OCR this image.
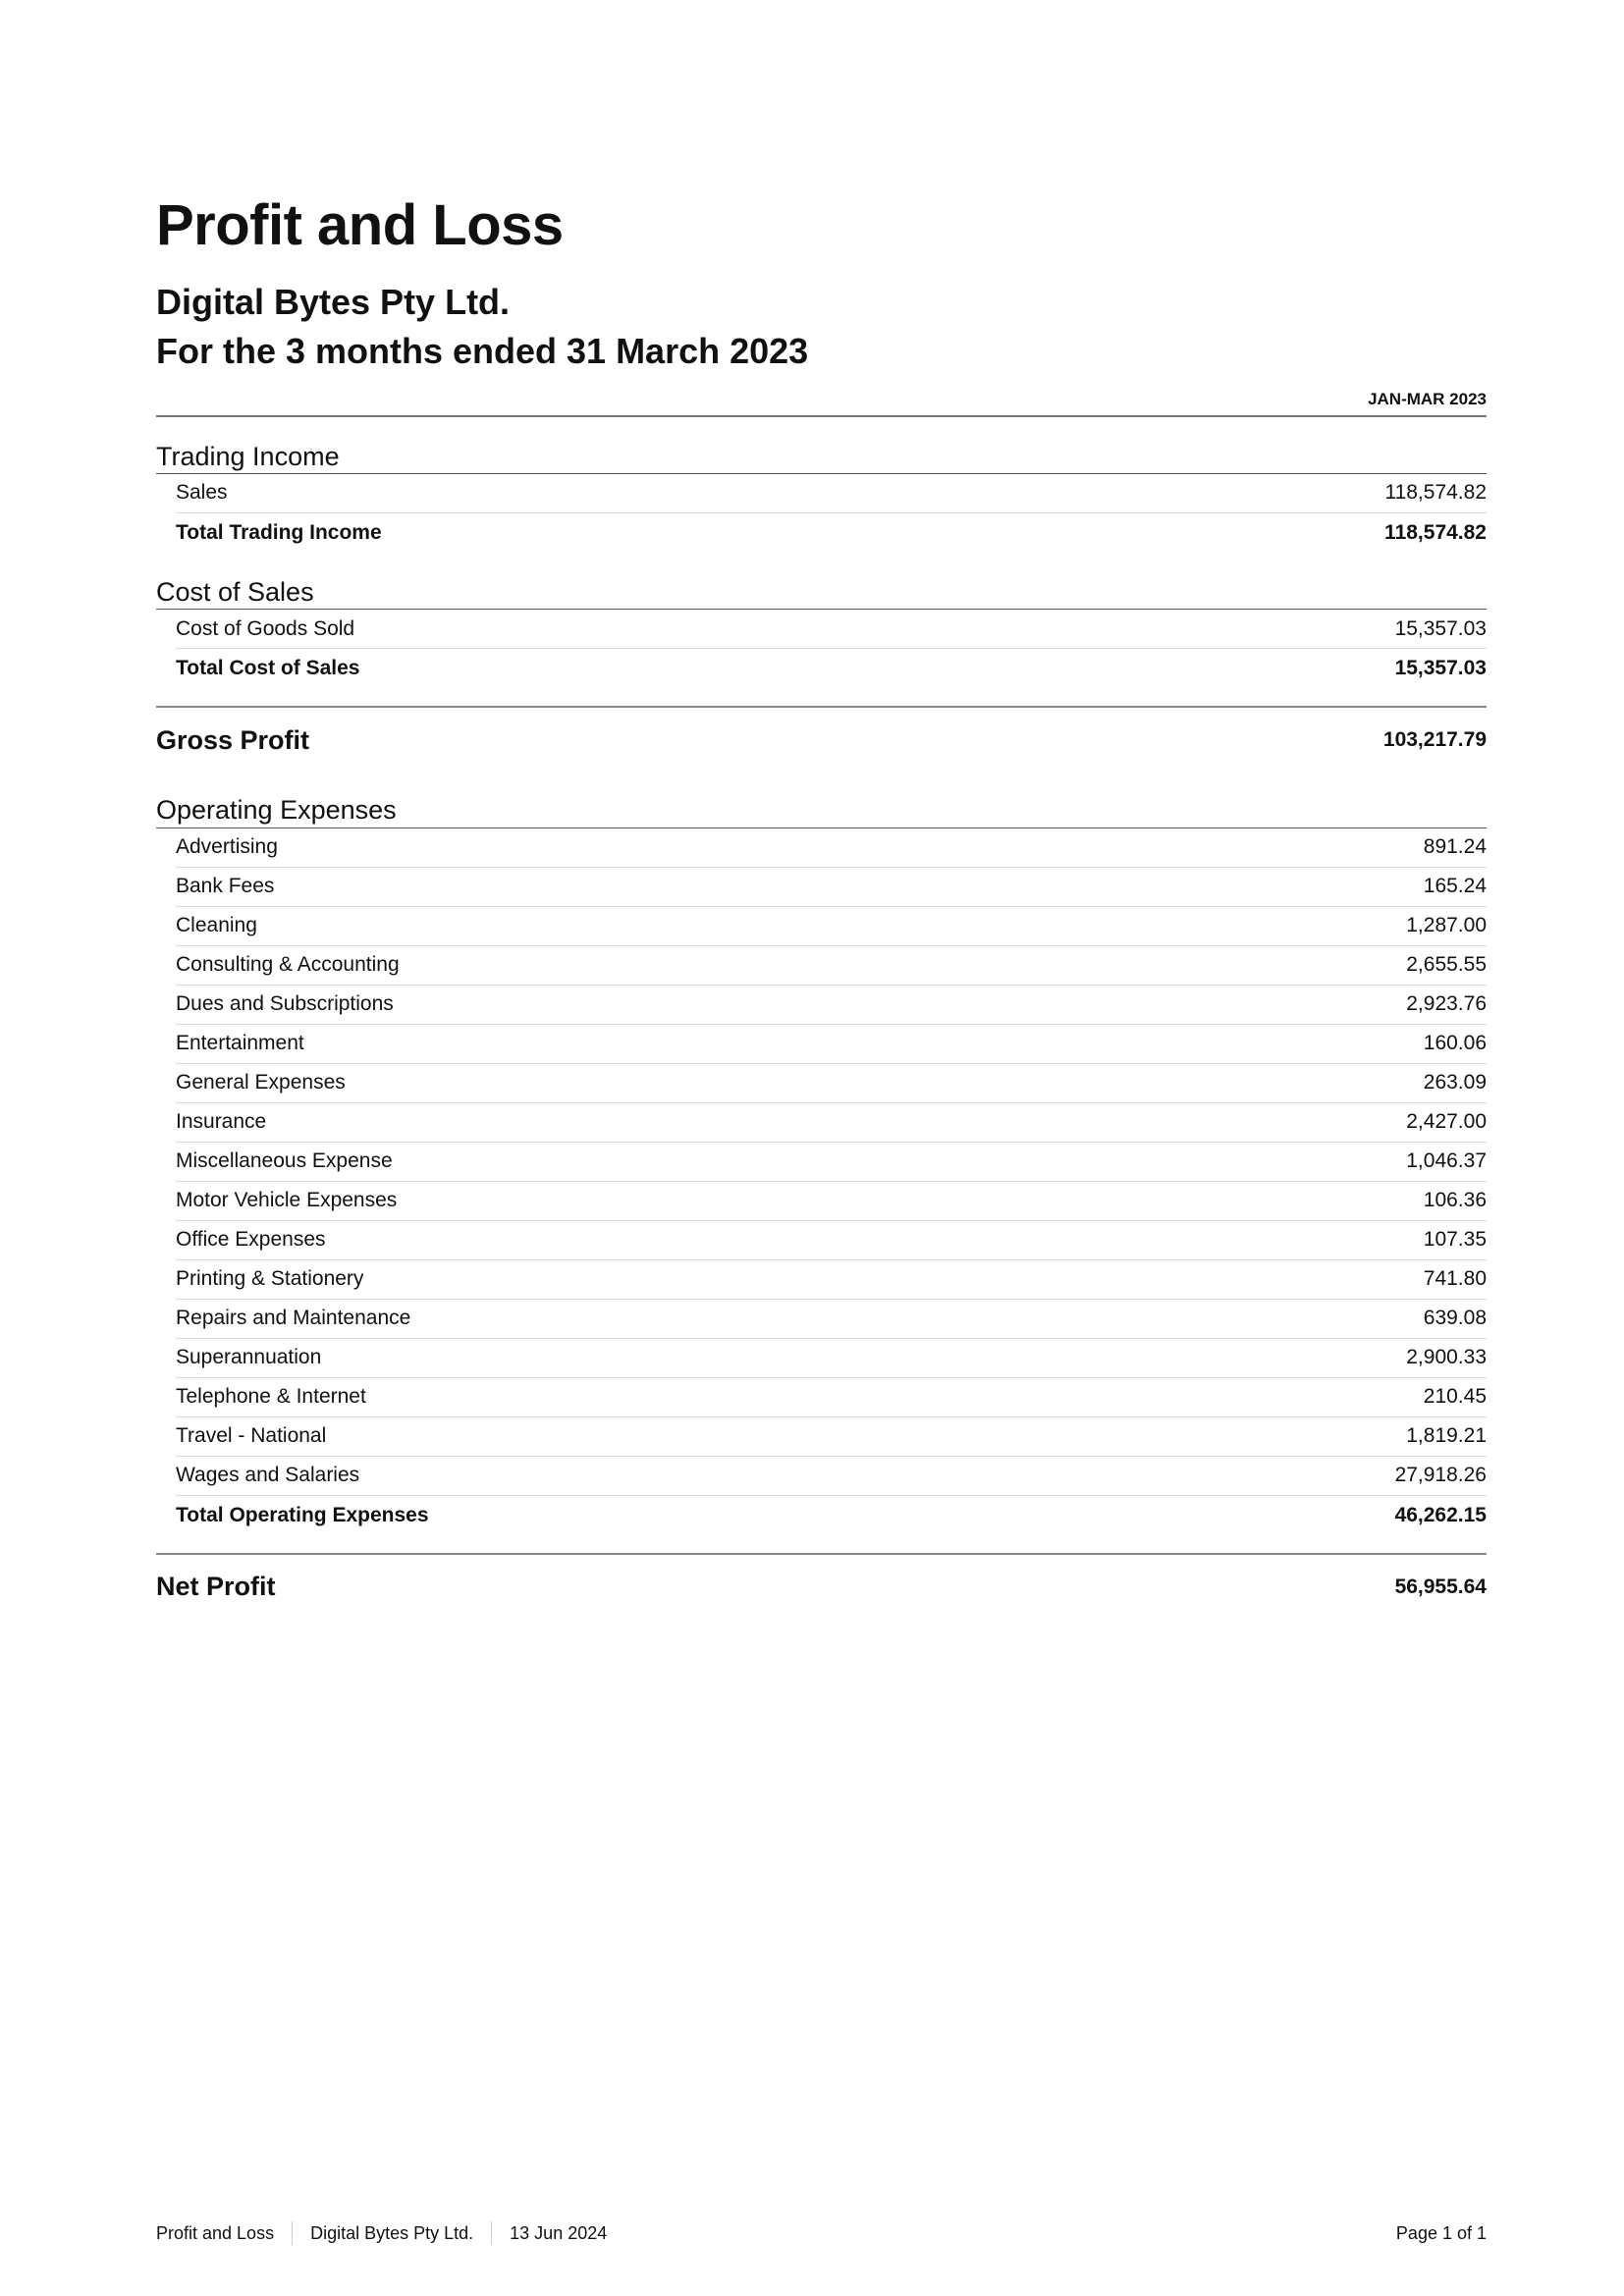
Profit and Loss
Digital Bytes Pty Ltd.
For the 3 months ended 31 March 2023
JAN-MAR 2023
Trading Income
Sales	118,574.82
Total Trading Income	118,574.82
Cost of Sales
Cost of Goods Sold	15,357.03
Total Cost of Sales	15,357.03
Gross Profit	103,217.79
Operating Expenses
Advertising	891.24
Bank Fees	165.24
Cleaning	1,287.00
Consulting & Accounting	2,655.55
Dues and Subscriptions	2,923.76
Entertainment	160.06
General Expenses	263.09
Insurance	2,427.00
Miscellaneous Expense	1,046.37
Motor Vehicle Expenses	106.36
Office Expenses	107.35
Printing & Stationery	741.80
Repairs and Maintenance	639.08
Superannuation	2,900.33
Telephone & Internet	210.45
Travel - National	1,819.21
Wages and Salaries	27,918.26
Total Operating Expenses	46,262.15
Net Profit	56,955.64
Profit and Loss	Digital Bytes Pty Ltd.	13 Jun 2024	Page 1 of 1
